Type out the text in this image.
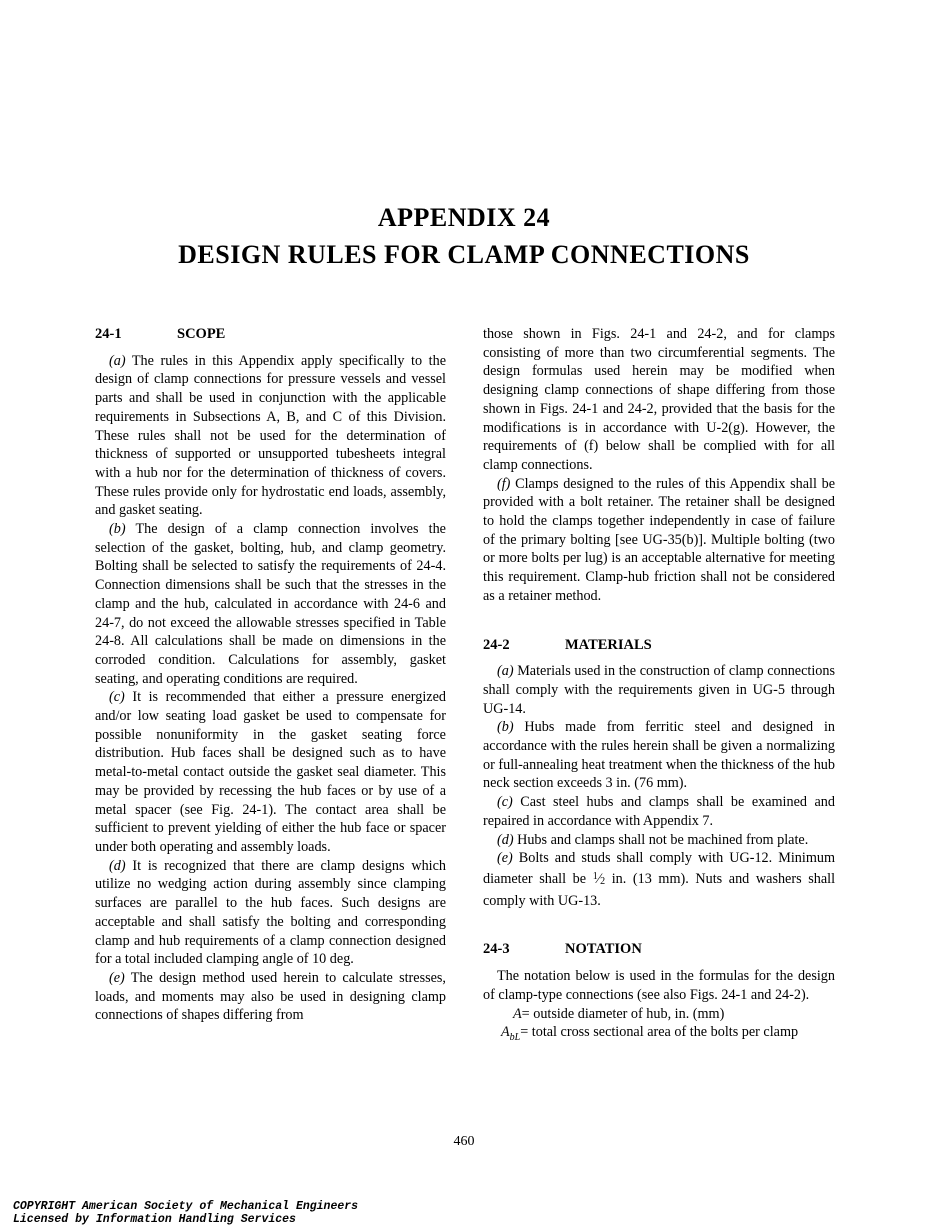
APPENDIX 24
DESIGN RULES FOR CLAMP CONNECTIONS
24-1	SCOPE

(a) The rules in this Appendix apply specifically to the design of clamp connections for pressure vessels and vessel parts and shall be used in conjunction with the applicable requirements in Subsections A, B, and C of this Division. These rules shall not be used for the determination of thickness of supported or unsupported tubesheets integral with a hub nor for the determination of thickness of covers. These rules provide only for hydrostatic end loads, assembly, and gasket seating.

(b) The design of a clamp connection involves the selection of the gasket, bolting, hub, and clamp geometry. Bolting shall be selected to satisfy the requirements of 24-4. Connection dimensions shall be such that the stresses in the clamp and the hub, calculated in accordance with 24-6 and 24-7, do not exceed the allowable stresses specified in Table 24-8. All calculations shall be made on dimensions in the corroded condition. Calculations for assembly, gasket seating, and operating conditions are required.

(c) It is recommended that either a pressure energized and/or low seating load gasket be used to compensate for possible nonuniformity in the gasket seating force distribution. Hub faces shall be designed such as to have metal-to-metal contact outside the gasket seal diameter. This may be provided by recessing the hub faces or by use of a metal spacer (see Fig. 24-1). The contact area shall be sufficient to prevent yielding of either the hub face or spacer under both operating and assembly loads.

(d) It is recognized that there are clamp designs which utilize no wedging action during assembly since clamping surfaces are parallel to the hub faces. Such designs are acceptable and shall satisfy the bolting and corresponding clamp and hub requirements of a clamp connection designed for a total included clamping angle of 10 deg.

(e) The design method used herein to calculate stresses, loads, and moments may also be used in designing clamp connections of shapes differing from

those shown in Figs. 24-1 and 24-2, and for clamps consisting of more than two circumferential segments. The design formulas used herein may be modified when designing clamp connections of shape differing from those shown in Figs. 24-1 and 24-2, provided that the basis for the modifications is in accordance with U-2(g). However, the requirements of (f) below shall be complied with for all clamp connections.

(f) Clamps designed to the rules of this Appendix shall be provided with a bolt retainer. The retainer shall be designed to hold the clamps together independently in case of failure of the primary bolting [see UG-35(b)]. Multiple bolting (two or more bolts per lug) is an acceptable alternative for meeting this requirement. Clamp-hub friction shall not be considered as a retainer method.

24-2	MATERIALS

(a) Materials used in the construction of clamp connections shall comply with the requirements given in UG-5 through UG-14.

(b) Hubs made from ferritic steel and designed in accordance with the rules herein shall be given a normalizing or full-annealing heat treatment when the thickness of the hub neck section exceeds 3 in. (76 mm).

(c) Cast steel hubs and clamps shall be examined and repaired in accordance with Appendix 7.

(d) Hubs and clamps shall not be machined from plate.

(e) Bolts and studs shall comply with UG-12. Minimum diameter shall be $^1⁄_2$ in. (13 mm). Nuts and washers shall comply with UG-13.

24-3	NOTATION

The notation below is used in the formulas for the design of clamp-type connections (see also Figs. 24-1 and 24-2).

A= outside diameter of hub, in. (mm)

$A_{bL}=$ total cross sectional area of the bolts per clamp

460
COPYRIGHT American Society of Mechanical Engineers
Licensed by Information Handling Services
